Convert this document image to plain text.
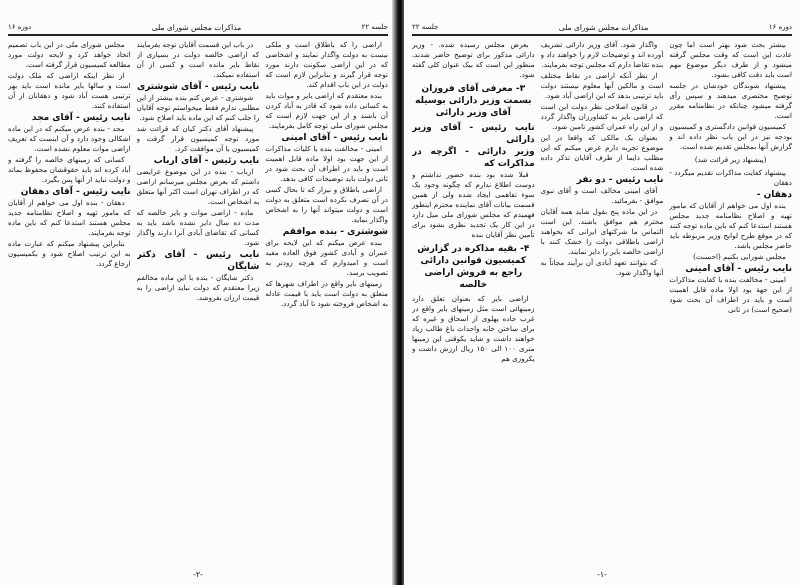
جلسه ۲۲
مذاکرات مجلس شورای ملی
دوره ۱۶

اراضی را که باطلاق است و ملکی نیست به دولت واگذار نمایند و اشخاصی که در این اراضی سکونت دارند مورد توجه قرار گیرند و بنابراین لازم است که دولت در این باب اقدام کند.

بنده معتقدم که اراضی بایر و موات باید به کسانی داده شود که قادر به آباد کردن آن باشند و از این جهت لازم است که مجلس شورای ملی توجه کامل بفرمایند.

نایب رئیس - آقای امینی

امینی - مخالفت بنده با کلیات مذاکرات از این جهت بود اولا ماده قابل اهمیت است و باید در اطراف آن بحث شود در ثانی دولت باید توضیحات کافی بدهد.

اراضی باطلاق و نیزار که تا بحال کسی در آن تصرف نکرده است متعلق به دولت است و دولت میتواند آنها را به اشخاص واگذار نماید.

شوشتری - بنده موافقم

بنده عرض میکنم که این لایحه برای عمران و آبادی کشور فوق العاده مفید است و امیدوارم که هرچه زودتر به تصویب برسد.

زمینهای بایر واقع در اطراف شهرها که متعلق به دولت است باید با قیمت عادله به اشخاص فروخته شود تا آباد گردد.

در باب این قسمت آقایان توجه بفرمایند که اراضی خالصه دولت در بسیاری از نقاط بایر مانده است و کسی از آن استفاده نمیکند.

نایب رئیس - آقای شوشتری

شوشتری - عرض کنم بنده بیشتر از این مطلبی ندارم فقط میخواستم توجه آقایان را جلب کنم که این ماده باید اصلاح شود.

پیشنهاد آقای دکتر کیان که قرائت شد مورد توجه کمیسیون قرار گرفت و کمیسیون با آن موافقت کرد.

نایب رئیس - آقای ارباب

ارباب - بنده در این موضوع عرایضی داشتم که بعرض مجلس میرسانم اراضی که در اطراف تهران است اکثر آنها متعلق به اشخاص است.

ماده - اراضی موات و بایر خالصه که مدت ده سال دایر نشده باشد باید به کسانی که تقاضای آبادی آنرا دارند واگذار شود.

نایب رئیس - آقای دکتر شایگان

دکتر شایگان - بنده با این ماده مخالفم زیرا معتقدم که دولت نباید اراضی را به قیمت ارزان بفروشد.

مجلس شورای ملی در این باب تصمیم اتخاذ خواهد کرد و لایحه دولت مورد مطالعه کمیسیون قرار گرفته است.

از نظر اینکه اراضی که ملک دولت است و سالها بایر مانده است باید بهر ترتیبی هست آباد شود و دهقانان از آن استفاده کنند.

نایب رئیس - آقای مجد

مجد - بنده عرض میکنم که در این ماده اشکالی وجود دارد و آن اینست که تعریف اراضی موات معلوم نشده است.

کسانی که زمینهای خالصه را گرفته و آباد کرده اند باید حقوقشان محفوظ بماند و دولت نباید از آنها پس بگیرد.

نایب رئیس - آقای دهقان

دهقان - بنده اول می خواهم از آقایان که مامور تهیه و اصلاح نظامنامه جدید مجلس هستند استدعا کنم که باین ماده توجه بفرمایند.

بنابراین پیشنهاد میکنم که عبارت ماده به این ترتیب اصلاح شود و بکمیسیون ارجاع گردد.

-۲-
دوره ۱۶
مذاکرات مجلس شورای ملی
جلسه ۲۲

بیشتر بحث شود بهتر است اما چون عادت این است که وقت مجلس گرفته میشود و از طرف دیگر موضوع مهم است باید دقت کافی بشود.

پیشنهاد شوندگان خودشان در جلسه توضیح مختصری میدهند و سپس رأی گرفته میشود چنانکه در نظامنامه مقرر است.

کمیسیون قوانین دادگستری و کمیسیون بودجه نیز در این باب نظر داده اند و گزارش آنها بمجلس تقدیم شده است.

(پیشنهاد زیر قرائت شد)

پیشنهاد کفایت مذاکرات تقدیم میگردد - دهقان

دهقان -

بنده اول می خواهم از آقایان که مامور تهیه و اصلاح نظامنامه جدید مجلس هستند استدعا کنم که باین ماده توجه کنند که در موقع طرح لوایح وزیر مربوطه باید حاضر مجلس باشد.

مجلس شورایی بکنیم (احسنت)

نایب رئیس - آقای امینی

امینی - مخالفت بنده با کفایت مذاکرات از این جهة بود اولا ماده قابل اهمیت است و باید در اطراف آن بحث شود (صحیح است) در ثانی

واگذار شود. آقای وزیر دارائی تشریف آورده اند و توضیحات لازم را خواهند داد و بنده تقاضا دارم که مجلس توجه بفرمایند.

از نظر آنکه اراضی در نقاط مختلف است و مالکین آنها معلوم نیستند دولت باید ترتیبی بدهد که این اراضی آباد شود.

در قانون اصلاحی نظر دولت این است که اراضی بایر به کشاورزان واگذار گردد و از این راه عمران کشور تامین شود.

بعنوان یک مالکی که واقعا در این موضوع تجربه دارم عرض میکنم که این مطلب دایما از طرف آقایان تذکر داده شده است.

نایب رئیس - دو نفر

آقای امینی مخالف است و آقای نبوی موافق - بفرمائید.

در این ماده پنج بقول شاید همه آقایان محترم هم موافق باشند. این است التماس ما شرکتهای ایرانی که بخواهند اراضی باطلاقی دولت را خشک کنند با اراضی خالصه بایر را دایر نمایند.

که بتوانند تعهد آبادی آن برآیند مجاناً به آنها واگذار شود.

بعرض مجلس رسیده شده. - وزیر دارائی مذکور برای توضیح حاضر شدند. منظور این است که بیک عنوان کلی گفته شود.

۳- معرفی آقای فروزان بسمت وزیر دارائی بوسیله آقای وزیر دارائی
نایب رئیس - آقای وزیر دارائی
وزیر دارائی - اگرچه در مذاکرات که

قبلا شده بود بنده حضور نداشتم و دوست اطلاع ندارم که چگونه وجود یک سوء تفاهمی ایجاد شده ولی از همین قسمت بیانات آقای نماینده محترم اینطور فهمیدم که مجلس شورای ملی میل دارد در این کار یک تجدید نظری بشود برای تأمین نظر آقایان بنده

۴- بقیه مذاکره در گزارش کمیسیون قوانین دارائی راجع به فروش اراضی خالصه

اراضی بایر که بعنوان تعلق دارد زمینهائی است مثل زمینهای بایر واقع در غرب جاده پهلوی از اسحاق و غیره که برای ساختن خانه واحداث باغ طالب زیاد خواهند داشت و شاید یکوقتی این زمینها متری ۱۰۰ الی ۱۵۰ ریال ارزش داشت و یکروزی هم

-۱-
